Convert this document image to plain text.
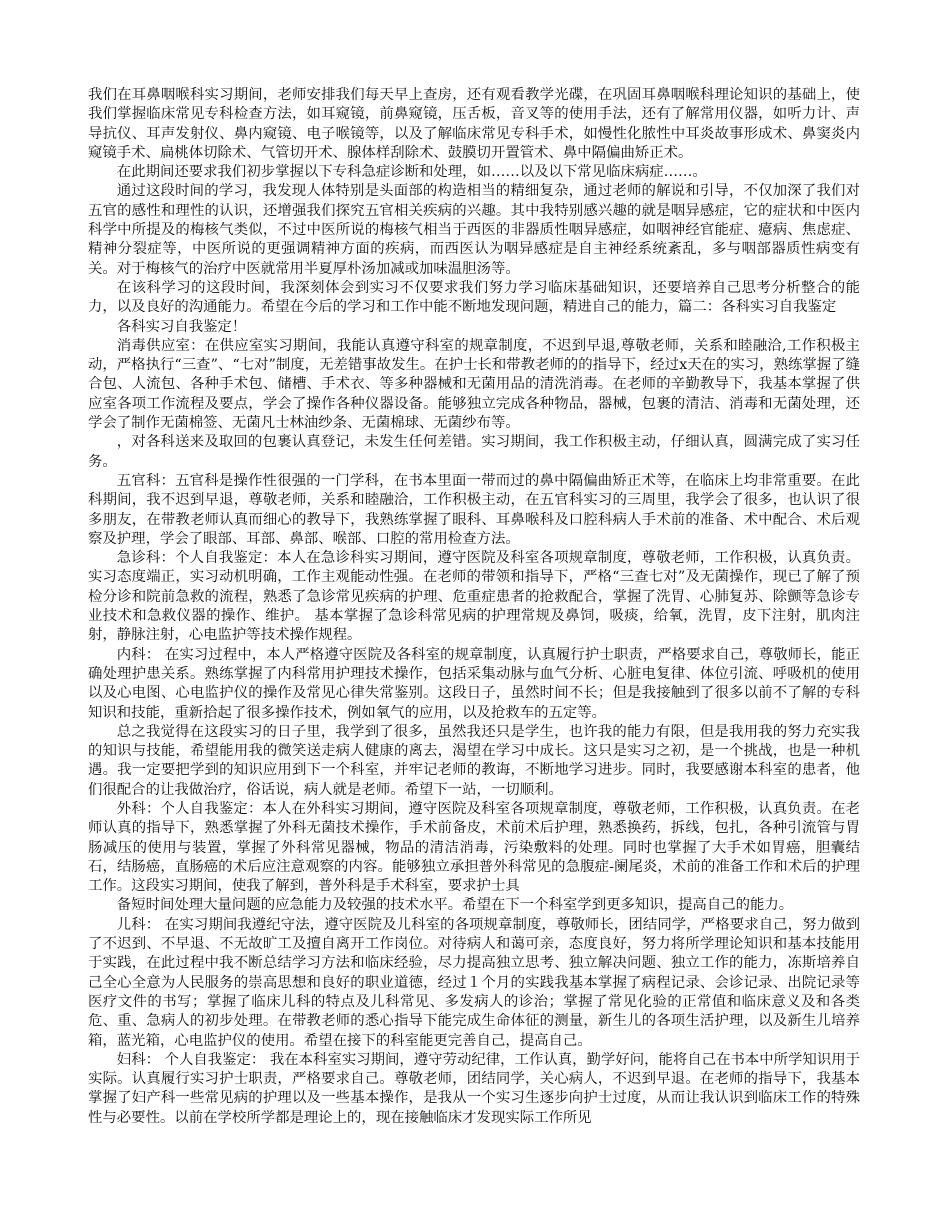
我们在耳鼻咽喉科实习期间，老师安排我们每天早上查房，还有观看教学光碟，在巩固耳鼻咽喉科理论知识的基础上，使我们掌握临床常见专科检查方法，如耳窥镜，前鼻窥镜，压舌板，音叉等的使用手法，还有了解常用仪器，如听力计、声导抗仪、耳声发射仪、鼻内窥镜、电子喉镜等，以及了解临床常见专科手术，如慢性化脓性中耳炎故事形成术、鼻窦炎内窥镜手术、扁桃体切除术、气管切开术、腺体样刮除术、鼓膜切开置管术、鼻中隔偏曲矫正术。

在此期间还要求我们初步掌握以下专科急症诊断和处理，如……以及以下常见临床病症……。

通过这段时间的学习，我发现人体特别是头面部的构造相当的精细复杂，通过老师的解说和引导，不仅加深了我们对五官的感性和理性的认识，还增强我们探究五官相关疾病的兴趣。其中我特别感兴趣的就是咽异感症，它的症状和中医内科学中所提及的梅核气类似，不过中医所说的梅核气相当于西医的非器质性咽异感症，如咽神经官能症、癔病、焦虑症、精神分裂症等，中医所说的更强调精神方面的疾病，而西医认为咽异感症是自主神经系统紊乱，多与咽部器质性病变有关。对于梅核气的治疗中医就常用半夏厚朴汤加减或加味温胆汤等。

在该科学习的这段时间，我深刻体会到实习不仅要求我们努力学习临床基础知识，还要培养自己思考分析整合的能力，以及良好的沟通能力。希望在今后的学习和工作中能不断地发现问题，精进自己的能力，篇二：各科实习自我鉴定

各科实习自我鉴定！

消毒供应室：在供应室实习期间，我能认真遵守科室的规章制度，不迟到早退,尊敬老师，关系和睦融洽,工作积极主动，严格执行“三查”、“七对”制度，无差错事故发生。在护士长和带教老师的的指导下，经过x天在的实习，熟练掌握了缝合包、人流包、各种手术包、储槽、手术衣、等多种器械和无菌用品的清洗消毒。在老师的辛勤教导下，我基本掌握了供应室各项工作流程及要点，学会了操作各种仪器设备。能够独立完成各种物品，器械，包裹的清洁、消毒和无菌处理，还学会了制作无菌棉签、无菌凡士林油纱条、无菌棉球、无菌纱布等。

，对各科送来及取回的包裹认真登记，未发生任何差错。实习期间，我工作积极主动，仔细认真，圆满完成了实习任务。

五官科：五官科是操作性很强的一门学科，在书本里面一带而过的鼻中隔偏曲矫正术等，在临床上均非常重要。在此科期间，我不迟到早退，尊敬老师，关系和睦融洽，工作积极主动，在五官科实习的三周里，我学会了很多，也认识了很多朋友，在带教老师认真而细心的教导下，我熟练掌握了眼科、耳鼻喉科及口腔科病人手术前的准备、术中配合、术后观察及护理，学会了眼部、耳部、鼻部、喉部、口腔的常用检查方法。

急诊科：个人自我鉴定：本人在急诊科实习期间，遵守医院及科室各项规章制度，尊敬老师，工作积极，认真负责。实习态度端正，实习动机明确，工作主观能动性强。在老师的带领和指导下，严格“三查七对”及无菌操作，现已了解了预检分诊和院前急救的流程，熟悉了急诊常见疾病的护理、危重症患者的抢救配合，掌握了洗胃、心肺复苏、除颤等急诊专业技术和急救仪器的操作、维护。 基本掌握了急诊科常见病的护理常规及鼻饲，吸痰，给氧，洗胃，皮下注射，肌肉注射，静脉注射，心电监护等技术操作规程。

内科： 在实习过程中，本人严格遵守医院及各科室的规章制度，认真履行护士职责，严格要求自己，尊敬师长，能正确处理护患关系。熟练掌握了内科常用护理技术操作，包括采集动脉与血气分析、心脏电复律、体位引流、呼吸机的使用以及心电图、心电监护仪的操作及常见心律失常鉴别。这段日子，虽然时间不长；但是我接触到了很多以前不了解的专科知识和技能，重新拾起了很多操作技术，例如氧气的应用，以及抢救车的五定等。

总之我觉得在这段实习的日子里，我学到了很多，虽然我还只是学生，也许我的能力有限，但是我用我的努力充实我的知识与技能，希望能用我的微笑送走病人健康的离去，渴望在学习中成长。这只是实习之初，是一个挑战，也是一种机遇。我一定要把学到的知识应用到下一个科室，并牢记老师的教诲，不断地学习进步。同时，我要感谢本科室的患者，他们很配合的让我做治疗，俗话说，病人就是老师。希望下一站，一切顺利。

外科：个人自我鉴定：本人在外科实习期间，遵守医院及科室各项规章制度，尊敬老师，工作积极，认真负责。在老师认真的指导下，熟悉掌握了外科无菌技术操作，手术前备皮，术前术后护理，熟悉换药，拆线，包扎，各种引流管与胃肠减压的使用与装置，掌握了外科常见器械，物品的清洁消毒，污染敷料的处理。同时也掌握了大手术如胃癌，胆囊结石，结肠癌，直肠癌的术后应注意观察的内容。能够独立承担普外科常见的急腹症-阑尾炎，术前的准备工作和术后的护理工作。这段实习期间，使我了解到，普外科是手术科室，要求护士具

备短时间处理大量问题的应急能力及较强的技术水平。希望在下一个科室学到更多知识，提高自己的能力。

儿科： 在实习期间我遵纪守法，遵守医院及儿科室的各项规章制度，尊敬师长，团结同学，严格要求自己，努力做到了不迟到、不早退、不无故旷工及擅自离开工作岗位。对待病人和蔼可亲，态度良好，努力将所学理论知识和基本技能用于实践，在此过程中我不断总结学习方法和临床经验，尽力提高独立思考、独立解决问题、独立工作的能力，冻斯培养自己全心全意为人民服务的崇高思想和良好的职业道德，经过１个月的实践我基本掌握了病程记录、会诊记录、出院记录等医疗文件的书写；掌握了临床儿科的特点及儿科常见、多发病人的诊治；掌握了常见化验的正常值和临床意义及和各类危、重、急病人的初步处理。在带教老师的悉心指导下能完成生命体征的测量，新生儿的各项生活护理，以及新生儿培养箱，蓝光箱，心电监护仪的使用。希望在接下的科室能更完善自己，提高自己。

妇科： 个人自我鉴定： 我在本科室实习期间，遵守劳动纪律，工作认真，勤学好问，能将自己在书本中所学知识用于实际。认真履行实习护士职责，严格要求自己。尊敬老师，团结同学，关心病人，不迟到早退。在老师的指导下，我基本掌握了妇产科一些常见病的护理以及一些基本操作，是我从一个实习生逐步向护士过度，从而让我认识到临床工作的特殊性与必要性。以前在学校所学都是理论上的，现在接触临床才发现实际工作所见
